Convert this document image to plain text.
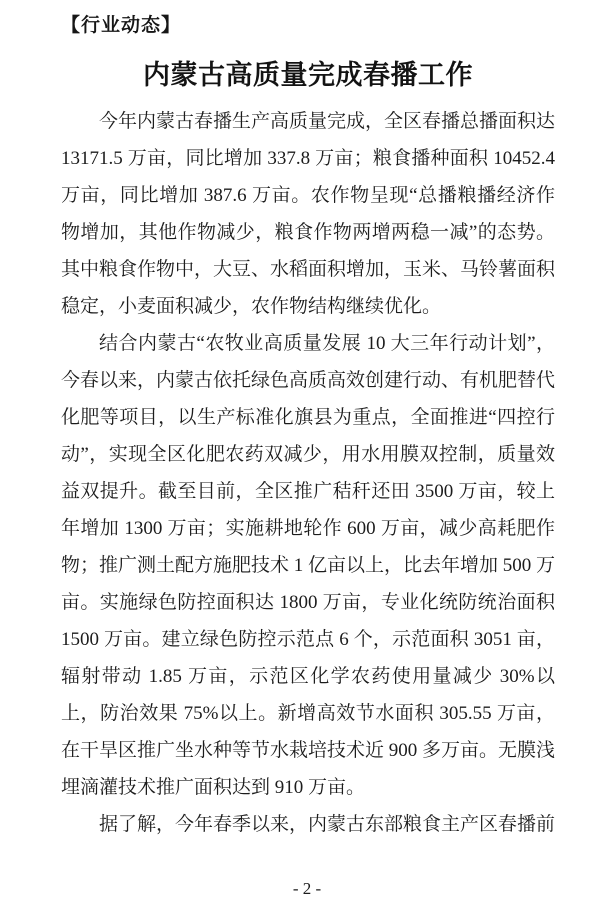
【行业动态】
内蒙古高质量完成春播工作

今年内蒙古春播生产高质量完成，全区春播总播面积达 13171.5 万亩，同比增加 337.8 万亩；粮食播种面积 10452.4 万亩，同比增加 387.6 万亩。农作物呈现“总播粮播经济作物增加，其他作物减少，粮食作物两增两稳一减”的态势。其中粮食作物中，大豆、水稻面积增加，玉米、马铃薯面积稳定，小麦面积减少，农作物结构继续优化。

结合内蒙古“农牧业高质量发展 10 大三年行动计划”，今春以来，内蒙古依托绿色高质高效创建行动、有机肥替代化肥等项目，以生产标准化旗县为重点，全面推进“四控行动”，实现全区化肥农药双减少，用水用膜双控制，质量效益双提升。截至目前，全区推广秸秆还田 3500 万亩，较上年增加 1300 万亩；实施耕地轮作 600 万亩，减少高耗肥作物；推广测土配方施肥技术 1 亿亩以上，比去年增加 500 万亩。实施绿色防控面积达 1800 万亩，专业化统防统治面积 1500 万亩。建立绿色防控示范点 6 个，示范面积 3051 亩，辐射带动 1.85 万亩，示范区化学农药使用量减少 30%以上，防治效果 75%以上。新增高效节水面积 305.55 万亩，在干旱区推广坐水种等节水栽培技术近 900 多万亩。无膜浅埋滴灌技术推广面积达到 910 万亩。

据了解，今年春季以来，内蒙古东部粮食主产区春播前

- 2 -
